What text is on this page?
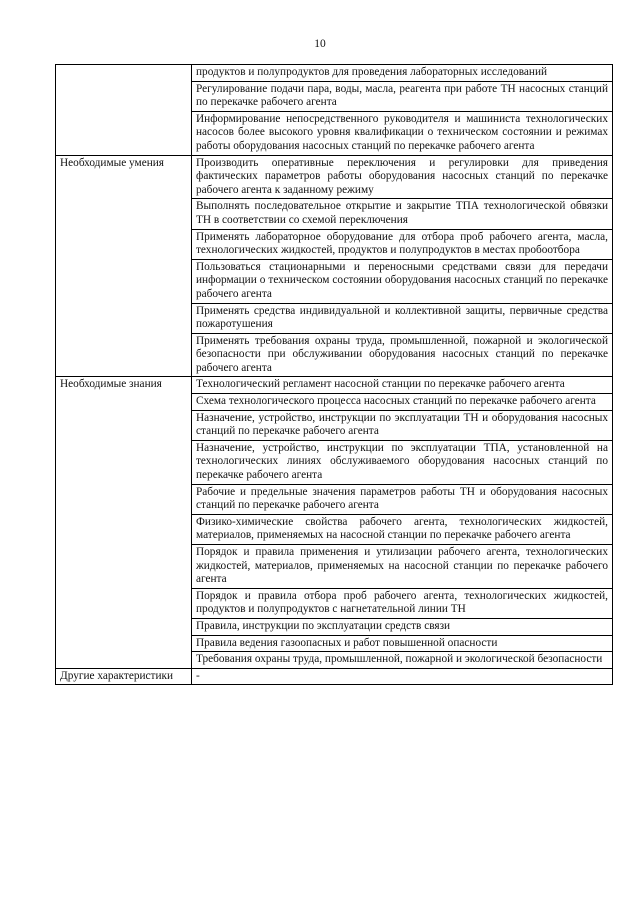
10
	продуктов и полупродуктов для проведения лабораторных исследований
	Регулирование подачи пара, воды, масла, реагента при работе ТН насосных станций по перекачке рабочего агента
	Информирование непосредственного руководителя и машиниста технологических насосов более высокого уровня квалификации о техническом состоянии и режимах работы оборудования насосных станций по перекачке рабочего агента
Необходимые умения	Производить оперативные переключения и регулировки для приведения фактических параметров работы оборудования насосных станций по перекачке рабочего агента к заданному режиму
	Выполнять последовательное открытие и закрытие ТПА технологической обвязки ТН в соответствии со схемой переключения
	Применять лабораторное оборудование для отбора проб рабочего агента, масла, технологических жидкостей, продуктов и полупродуктов в местах пробоотбора
	Пользоваться стационарными и переносными средствами связи для передачи информации о техническом состоянии оборудования насосных станций по перекачке рабочего агента
	Применять средства индивидуальной и коллективной защиты, первичные средства пожаротушения
	Применять требования охраны труда, промышленной, пожарной и экологической безопасности при обслуживании оборудования насосных станций по перекачке рабочего агента
Необходимые знания	Технологический регламент насосной станции по перекачке рабочего агента
	Схема технологического процесса насосных станций по перекачке рабочего агента
	Назначение, устройство, инструкции по эксплуатации ТН и оборудования насосных станций по перекачке рабочего агента
	Назначение, устройство, инструкции по эксплуатации ТПА, установленной на технологических линиях обслуживаемого оборудования насосных станций по перекачке рабочего агента
	Рабочие и предельные значения параметров работы ТН и оборудования насосных станций по перекачке рабочего агента
	Физико-химические свойства рабочего агента, технологических жидкостей, материалов, применяемых на насосной станции по перекачке рабочего агента
	Порядок и правила применения и утилизации рабочего агента, технологических жидкостей, материалов, применяемых на насосной станции по перекачке рабочего агента
	Порядок и правила отбора проб рабочего агента, технологических жидкостей, продуктов и полупродуктов с нагнетательной линии ТН
	Правила, инструкции по эксплуатации средств связи
	Правила ведения газоопасных и работ повышенной опасности
	Требования охраны труда, промышленной, пожарной и экологической безопасности
Другие характеристики	-
